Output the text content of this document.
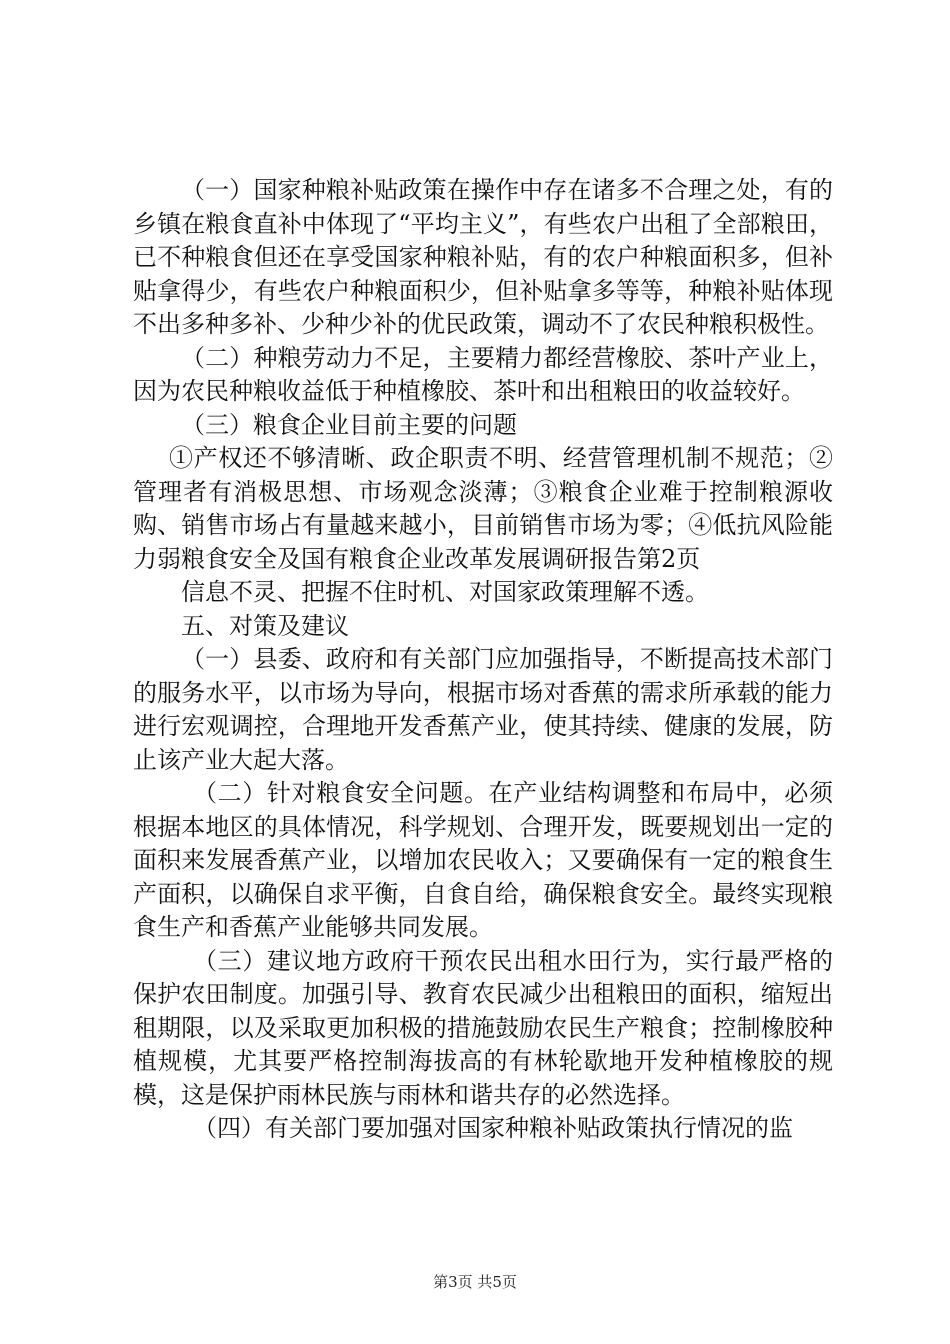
（一）国家种粮补贴政策在操作中存在诸多不合理之处，有的乡镇在粮食直补中体现了“平均主义”，有些农户出租了全部粮田，已不种粮食但还在享受国家种粮补贴，有的农户种粮面积多，但补贴拿得少，有些农户种粮面积少，但补贴拿多等等，种粮补贴体现不出多种多补、少种少补的优民政策，调动不了农民种粮积极性。

（二）种粮劳动力不足，主要精力都经营橡胶、茶叶产业上，因为农民种粮收益低于种植橡胶、茶叶和出租粮田的收益较好。

（三）粮食企业目前主要的问题

①产权还不够清晰、政企职责不明、经营管理机制不规范；②管理者有消极思想、市场观念淡薄；③粮食企业难于控制粮源收购、销售市场占有量越来越小，目前销售市场为零；④低抗风险能力弱粮食安全及国有粮食企业改革发展调研报告第2页

信息不灵、把握不住时机、对国家政策理解不透。

五、对策及建议

（一）县委、政府和有关部门应加强指导，不断提高技术部门的服务水平，以市场为导向，根据市场对香蕉的需求所承载的能力进行宏观调控，合理地开发香蕉产业，使其持续、健康的发展，防止该产业大起大落。

（二）针对粮食安全问题。在产业结构调整和布局中，必须根据本地区的具体情况，科学规划、合理开发，既要规划出一定的面积来发展香蕉产业，以增加农民收入；又要确保有一定的粮食生产面积，以确保自求平衡，自食自给，确保粮食安全。最终实现粮食生产和香蕉产业能够共同发展。

（三）建议地方政府干预农民出租水田行为，实行最严格的保护农田制度。加强引导、教育农民减少出租粮田的面积，缩短出租期限，以及采取更加积极的措施鼓励农民生产粮食；控制橡胶种植规模，尤其要严格控制海拔高的有林轮歇地开发种植橡胶的规模，这是保护雨林民族与雨林和谐共存的必然选择。

（四）有关部门要加强对国家种粮补贴政策执行情况的监

第3页 共5页
